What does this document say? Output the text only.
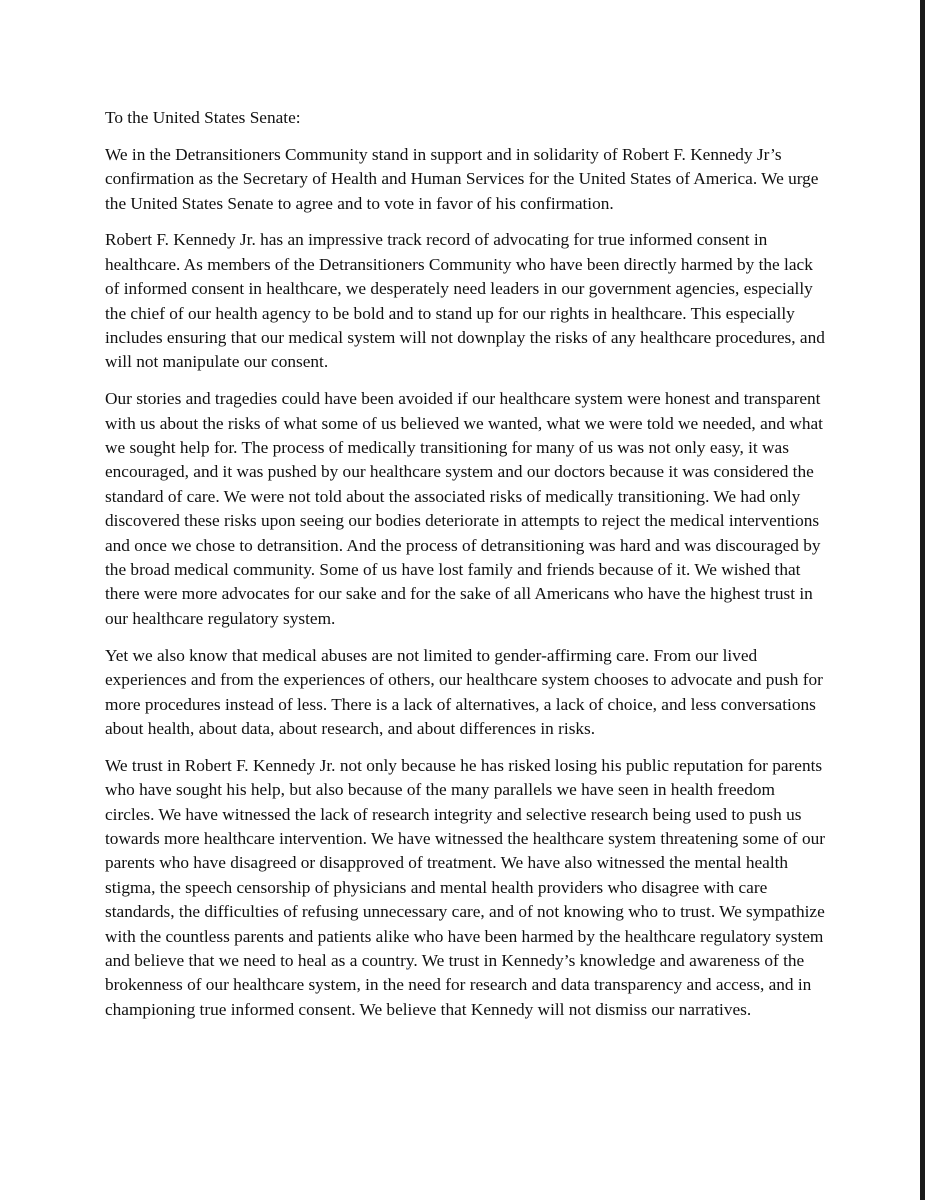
To the United States Senate:

We in the Detransitioners Community stand in support and in solidarity of Robert F. Kennedy Jr’s confirmation as the Secretary of Health and Human Services for the United States of America. We urge the United States Senate to agree and to vote in favor of his confirmation.

Robert F. Kennedy Jr. has an impressive track record of advocating for true informed consent in healthcare. As members of the Detransitioners Community who have been directly harmed by the lack of informed consent in healthcare, we desperately need leaders in our government agencies, especially the chief of our health agency to be bold and to stand up for our rights in healthcare. This especially includes ensuring that our medical system will not downplay the risks of any healthcare procedures, and will not manipulate our consent.

Our stories and tragedies could have been avoided if our healthcare system were honest and transparent with us about the risks of what some of us believed we wanted, what we were told we needed, and what we sought help for. The process of medically transitioning for many of us was not only easy, it was encouraged, and it was pushed by our healthcare system and our doctors because it was considered the standard of care. We were not told about the associated risks of medically transitioning. We had only discovered these risks upon seeing our bodies deteriorate in attempts to reject the medical interventions and once we chose to detransition. And the process of detransitioning was hard and was discouraged by the broad medical community. Some of us have lost family and friends because of it. We wished that there were more advocates for our sake and for the sake of all Americans who have the highest trust in our healthcare regulatory system.

Yet we also know that medical abuses are not limited to gender-affirming care. From our lived experiences and from the experiences of others, our healthcare system chooses to advocate and push for more procedures instead of less. There is a lack of alternatives, a lack of choice, and less conversations about health, about data, about research, and about differences in risks.

We trust in Robert F. Kennedy Jr. not only because he has risked losing his public reputation for parents who have sought his help, but also because of the many parallels we have seen in health freedom circles. We have witnessed the lack of research integrity and selective research being used to push us towards more healthcare intervention. We have witnessed the healthcare system threatening some of our parents who have disagreed or disapproved of treatment. We have also witnessed the mental health stigma, the speech censorship of physicians and mental health providers who disagree with care standards, the difficulties of refusing unnecessary care, and of not knowing who to trust. We sympathize with the countless parents and patients alike who have been harmed by the healthcare regulatory system and believe that we need to heal as a country. We trust in Kennedy’s knowledge and awareness of the brokenness of our healthcare system, in the need for research and data transparency and access, and in championing true informed consent. We believe that Kennedy will not dismiss our narratives.
